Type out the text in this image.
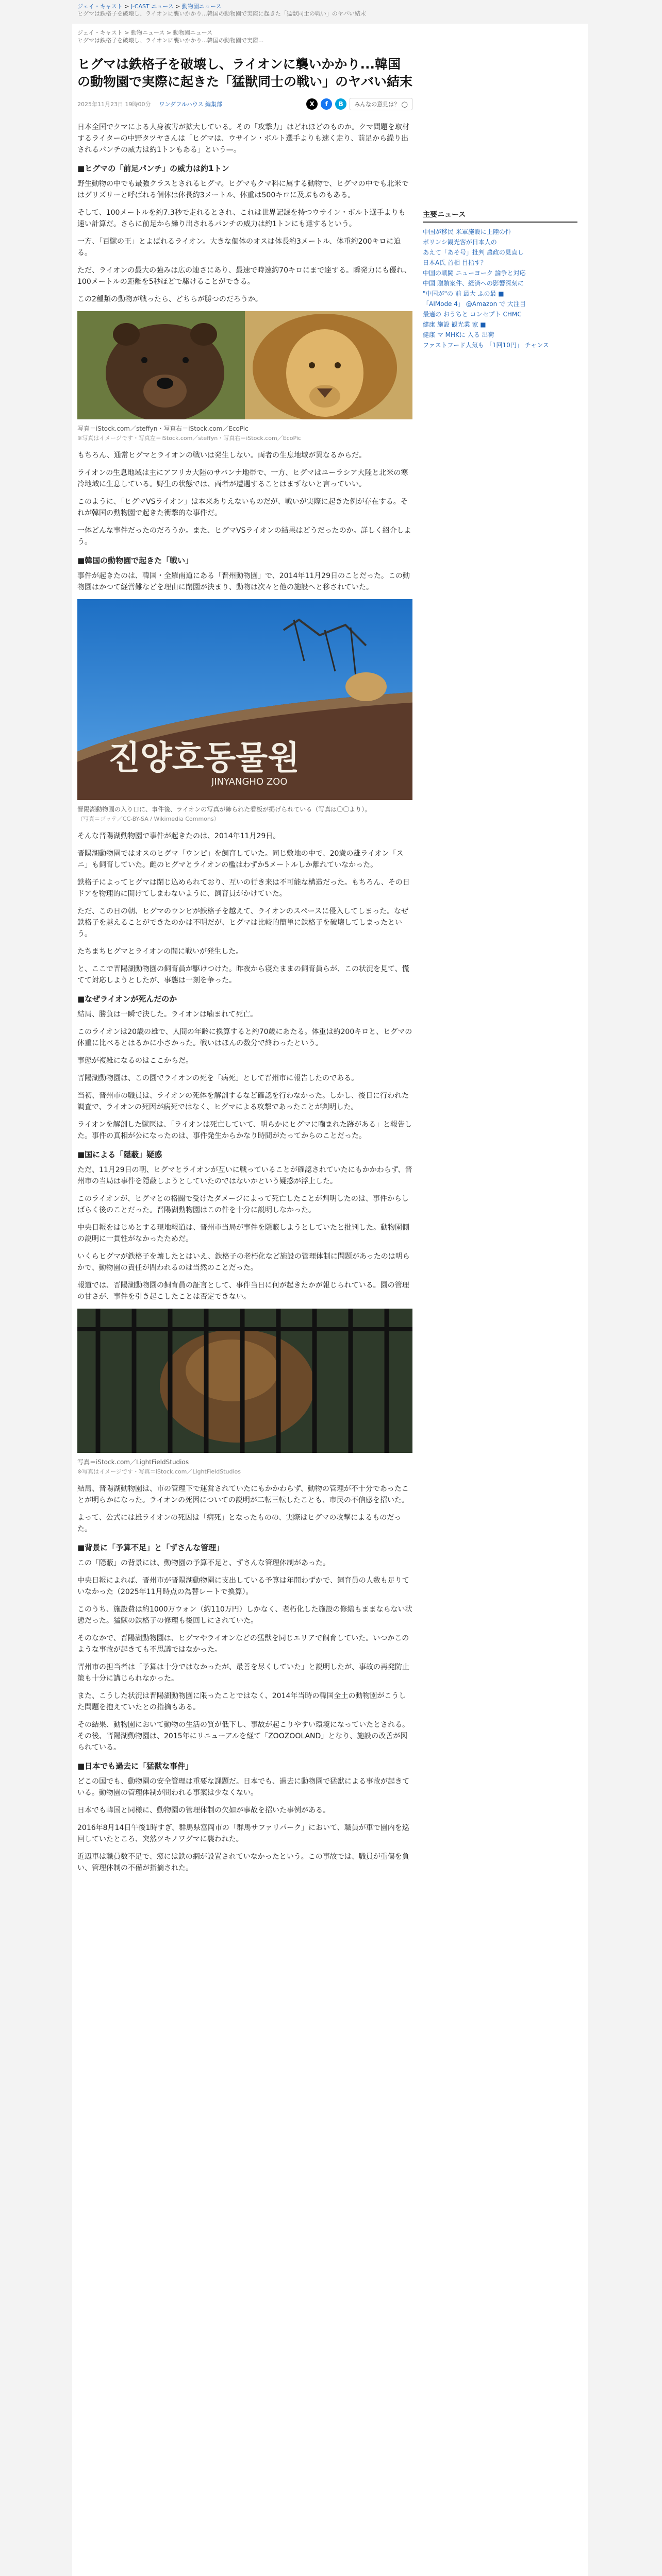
ジェイ・キャスト > J-CAST ニュース > 動物園ニュース
ヒグマは鉄格子を破壊し、ライオンに襲いかかり...韓国の動物園で実際に起きた「猛獣同士の戦い」のヤバい結末
ジェイ・キャスト > 動物ニュース > 動物園ニュース
ヒグマは鉄格子を破壊し、ライオンに襲いかかり...韓国の動物園で実際...
ヒグマは鉄格子を破壊し、ライオンに襲いかかり...韓国の動物園で実際に起きた「猛獣同士の戦い」のヤバい結末
2025年11月23日 19時00分 ワンダフルハウス 編集部	X	f	B	みんなの意見は？ ◯

日本全国でクマによる人身被害が拡大している。その「攻撃力」はどれほどのものか。クマ問題を取材するライターの中野タツヤさんは「ヒグマは、ウサイン・ボルト選手よりも速く走り、前足から繰り出されるパンチの威力は約1トンもある」という—。

■ヒグマの「前足パンチ」の威力は約1トン

野生動物の中でも最強クラスとされるヒグマ。ヒグマもクマ科に属する動物で、ヒグマの中でも北米ではグリズリーと呼ばれる個体は体長約3メートル、体重は500キロに及ぶものもある。

そして、100メートルを約7.3秒で走れるとされ、これは世界記録を持つウサイン・ボルト選手よりも速い計算だ。さらに前足から繰り出されるパンチの威力は約1トンにも達するという。

一方、「百獣の王」とよばれるライオン。大きな個体のオスは体長約3メートル、体重約200キロに迫る。

ただ、ライオンの最大の強みは広の連さにあり、最速で時速約70キロにまで達する。瞬発力にも優れ、100メートルの距離を5秒ほどで駆けることができる。

この2種類の動物が戦ったら、どちらが勝つのだろうか。

写真＝iStock.com／steffyn・写真右＝iStock.com／EcoPic
※写真はイメージです・写真左＝iStock.com／steffyn・写真右＝iStock.com／EcoPic

もちろん、通常ヒグマとライオンの戦いは発生しない。両者の生息地域が異なるからだ。

ライオンの生息地域は主にアフリカ大陸のサバンナ地帯で、一方、ヒグマはユーラシア大陸と北米の寒冷地域に生息している。野生の状態では、両者が遭遇することはまずないと言っていい。

このように、「ヒグマVSライオン」は本来ありえないものだが、戦いが実際に起きた例が存在する。それが韓国の動物園で起きた衝撃的な事件だ。

一体どんな事件だったのだろうか。また、ヒグマVSライオンの結果はどうだったのか。詳しく紹介しよう。

■韓国の動物園で起きた「戦い」

事件が起きたのは、韓国・全羅南道にある「晋州動物園」で、2014年11月29日のことだった。この動物園はかつて経営難などを理由に閉園が決まり、動物は次々と他の施設へと移されていた。

진양호동물원
JINYANGHO ZOO
晋陽湖動物園の入り口に、事件後、ライオンの写真が飾られた看板が掲げられている（写真は〇〇より）。
（写真＝ゴッテ／CC-BY-SA / Wikimedia Commons）

そんな晋陽湖動物園で事件が起きたのは、2014年11月29日。

晋陽湖動物園ではオスのヒグマ「ウンピ」を飼育していた。同じ敷地の中で、20歳の雄ライオン「スニ」も飼育していた。雌のヒグマとライオンの檻はわずか5メートルしか離れていなかった。

鉄格子によってヒグマは閉じ込められており、互いの行き来は不可能な構造だった。もちろん、その日ドアを物理的に開けてしまわないように、飼育員がかけていた。

ただ、この日の朝、ヒグマのウンピが鉄格子を越えて、ライオンのスペースに侵入してしまった。なぜ鉄格子を越えることができたのかは不明だが、ヒグマは比較的簡単に鉄格子を破壊してしまったという。

たちまちヒグマとライオンの間に戦いが発生した。

と、ここで晋陽湖動物園の飼育員が駆けつけた。昨夜から寝たままの飼育員らが、この状況を見て、慌てて対応しようとしたが、事態は一刻を争った。

■なぜライオンが死んだのか

結局、勝負は一瞬で決した。ライオンは噛まれて死亡。

このライオンは20歳の雄で、人間の年齢に換算すると約70歳にあたる。体重は約200キロと、ヒグマの体重に比べるとはるかに小さかった。戦いはほんの数分で終わったという。

事態が複雑になるのはここからだ。

晋陽湖動物園は、この園でライオンの死を「病死」として晋州市に報告したのである。

当初、晋州市の職員は、ライオンの死体を解剖するなど確認を行わなかった。しかし、後日に行われた調査で、ライオンの死因が病死ではなく、ヒグマによる攻撃であったことが判明した。

ライオンを解剖した獣医は、「ライオンは死亡していて、明らかにヒグマに噛まれた跡がある」と報告した。事件の真相が公になったのは、事件発生からかなり時間がたってからのことだった。

■国による「隠蔽」疑惑

ただ、11月29日の朝、ヒグマとライオンが互いに戦っていることが確認されていたにもかかわらず、晋州市の当局は事件を隠蔽しようとしていたのではないかという疑惑が浮上した。

このライオンが、ヒグマとの格闘で受けたダメージによって死亡したことが判明したのは、事件からしばらく後のことだった。晋陽湖動物園はこの件を十分に説明しなかった。

中央日報をはじめとする現地報道は、晋州市当局が事件を隠蔽しようとしていたと批判した。動物園側の説明に一貫性がなかったためだ。

いくらヒグマが鉄格子を壊したとはいえ、鉄格子の老朽化など施設の管理体制に問題があったのは明らかで、動物園の責任が問われるのは当然のことだった。

報道では、晋陽湖動物園の飼育員の証言として、事件当日に何が起きたかが報じられている。園の管理の甘さが、事件を引き起こしたことは否定できない。

写真＝iStock.com／LightFieldStudios
※写真はイメージです・写真＝iStock.com／LightFieldStudios

結局、晋陽湖動物園は、市の管理下で運営されていたにもかかわらず、動物の管理が不十分であったことが明らかになった。ライオンの死因についての説明が二転三転したことも、市民の不信感を招いた。

よって、公式には雄ライオンの死因は「病死」となったものの、実際はヒグマの攻撃によるものだった。

■背景に「予算不足」と「ずさんな管理」

この「隠蔽」の背景には、動物園の予算不足と、ずさんな管理体制があった。

中央日報によれば、晋州市が晋陽湖動物園に支出している予算は年間わずかで、飼育員の人数も足りていなかった（2025年11月時点の為替レートで換算）。

このうち、施設費は約1000万ウォン（約110万円）しかなく、老朽化した施設の修繕もままならない状態だった。猛獣の鉄格子の修理も後回しにされていた。

そのなかで、晋陽湖動物園は、ヒグマやライオンなどの猛獣を同じエリアで飼育していた。いつかこのような事故が起きても不思議ではなかった。

晋州市の担当者は「予算は十分ではなかったが、最善を尽くしていた」と説明したが、事故の再発防止策も十分に講じられなかった。

また、こうした状況は晋陽湖動物園に限ったことではなく、2014年当時の韓国全土の動物園がこうした問題を抱えていたとの指摘もある。

その結果、動物園において動物の生活の質が低下し、事故が起こりやすい環境になっていたとされる。その後、晋陽湖動物園は、2015年にリニューアルを経て「ZOOZOOLAND」となり、施設の改善が図られている。

■日本でも過去に「猛獣な事件」

どこの国でも、動物園の安全管理は重要な課題だ。日本でも、過去に動物園で猛獣による事故が起きている。動物園の管理体制が問われる事案は少なくない。

日本でも韓国と同様に、動物園の管理体制の欠如が事故を招いた事例がある。

2016年8月14日午後1時すぎ、群馬県富岡市の「群馬サファリパーク」において、職員が車で園内を巡回していたところ、突然ツキノワグマに襲われた。

近辺車は職員数不足で、窓には鉄の網が設置されていなかったという。この事故では、職員が重傷を負い、管理体制の不備が指摘された。

主要ニュース
中国が移民 米軍施設に上陸の件
ポリンシ観光客が日本人の
あえて「あそ号」批判 農政の見直し
日本A氏 首相 目指す？
中国の戦闘 ニューヨーク 論争と対応
中国 贈賄案件、経済への影響深刻に
"中国が"の 前 最大 ふの最 ■
「AIMode 4」 @Amazon で 大注目
最適の おうちと コンセプト CHMC
健康 施設 観光業 家 ■
健康 マ MHKに 入る 出荷
ファストフード人気も 「1回10円」 チャンス
